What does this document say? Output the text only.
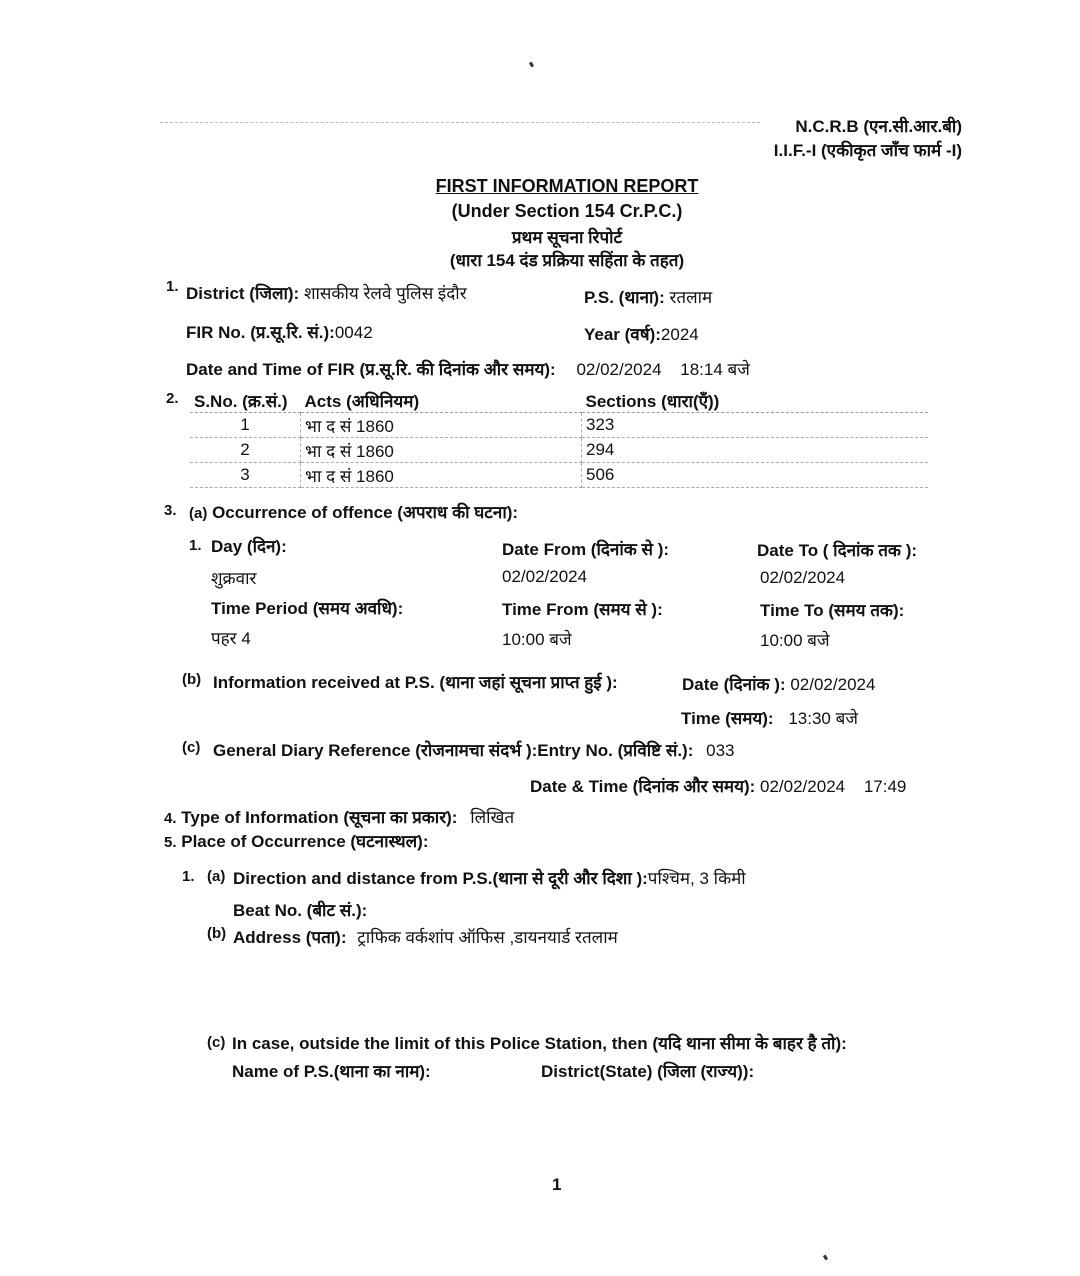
N.C.R.B (एन.सी.आर.बी)
I.I.F.-I (एकीकृत जाँच फार्म -I)
FIRST INFORMATION REPORT
(Under Section 154 Cr.P.C.)
प्रथम सूचना रिपोर्ट
(धारा 154 दंड प्रक्रिया सहिंता के तहत)
1. District (जिला): शासकीय रेलवे पुलिस इंदौर	P.S. (थाना): रतलाम
FIR No. (प्र.सू.रि. सं.):0042	Year (वर्ष):2024
Date and Time of FIR (प्र.सू.रि. की दिनांक और समय): 02/02/2024 18:14 बजे
2. S.No. (क्र.सं.)	Acts (अधिनियम)	Sections (धारा(एँ))
1	भा द सं 1860	323
2	भा द सं 1860	294
3	भा द सं 1860	506
3. (a) Occurrence of offence (अपराध की घटना):
1. Day (दिन):
शुक्रवार
Date From (दिनांक से ):
02/02/2024
Date To ( दिनांक तक ):
02/02/2024
Time Period (समय अवधि):
पहर 4
Time From (समय से ):
10:00 बजे
Time To (समय तक):
10:00 बजे
(b) Information received at P.S. (थाना जहां सूचना प्राप्त हुई ):	Date (दिनांक ): 02/02/2024
Time (समय): 13:30 बजे
(c) General Diary Reference (रोजनामचा संदर्भ ):Entry No. (प्रविष्टि सं.): 033
Date & Time (दिनांक और समय): 02/02/2024 17:49
4. Type of Information (सूचना का प्रकार): लिखित
5. Place of Occurrence (घटनास्थल):
1. (a) Direction and distance from P.S.(थाना से दूरी और दिशा ):पश्चिम, 3 किमी
Beat No. (बीट सं.):
(b) Address (पता): ट्राफिक वर्कशांप ऑफिस ,डायनयार्ड रतलाम
(c) In case, outside the limit of this Police Station, then (यदि थाना सीमा के बाहर है तो):
Name of P.S.(थाना का नाम):	District(State) (जिला (राज्य)):
1
